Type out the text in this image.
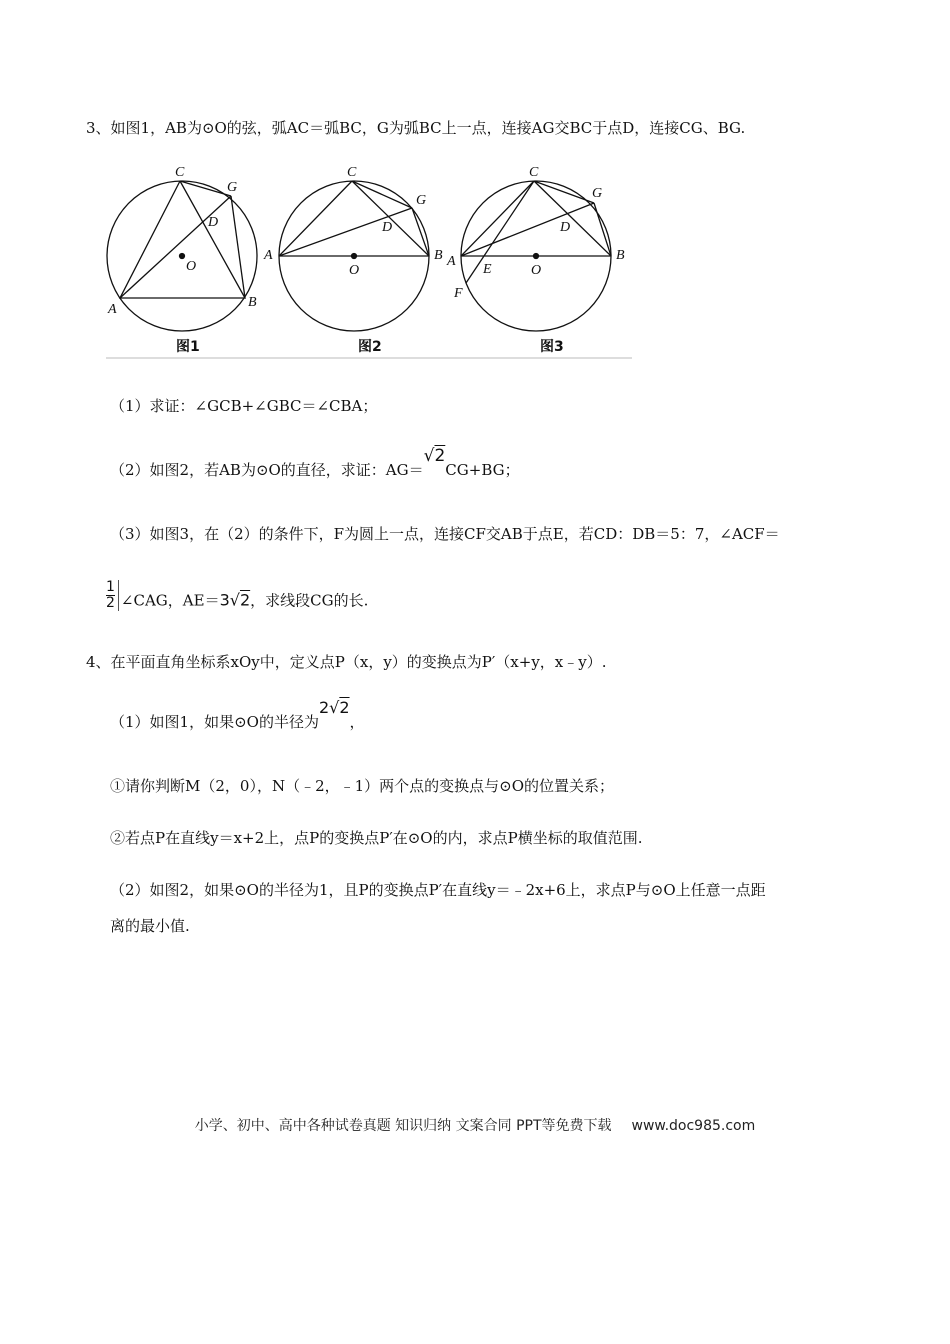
3、如图1，AB为⊙O的弦，弧AC＝弧BC，G为弧BC上一点，连接AG交BC于点D，连接CG、BG.
C
G
D
O
A	B
C
G
D
A
O
B
C
G
D
A
E	O
B
F
图1	图2	图3
（1）求证：∠GCB+∠GBC＝∠CBA；
（2）如图2，若AB为⊙O的直径，求证：AG＝√2CG+BG；
（3）如图3，在（2）的条件下，F为圆上一点，连接CF交AB于点E，若CD：DB＝5：7，∠ACF＝
$\frac{1}{2}$ ∠CAG，AE＝3√2，求线段CG的长.
4、在平面直角坐标系xOy中，定义点P（x，y）的变换点为P′（x+y，x﹣y）.
（1）如图1，如果⊙O的半径为2√2，
①请你判断M（2，0），N（﹣2，﹣1）两个点的变换点与⊙O的位置关系；
②若点P在直线y＝x+2上，点P的变换点P′在⊙O的内，求点P横坐标的取值范围.
（2）如图2，如果⊙O的半径为1，且P的变换点P′在直线y＝﹣2x+6上，求点P与⊙O上任意一点距
离的最小值.
小学、初中、高中各种试卷真题 知识归纳 文案合同 PPT等免费下载 www.doc985.com
